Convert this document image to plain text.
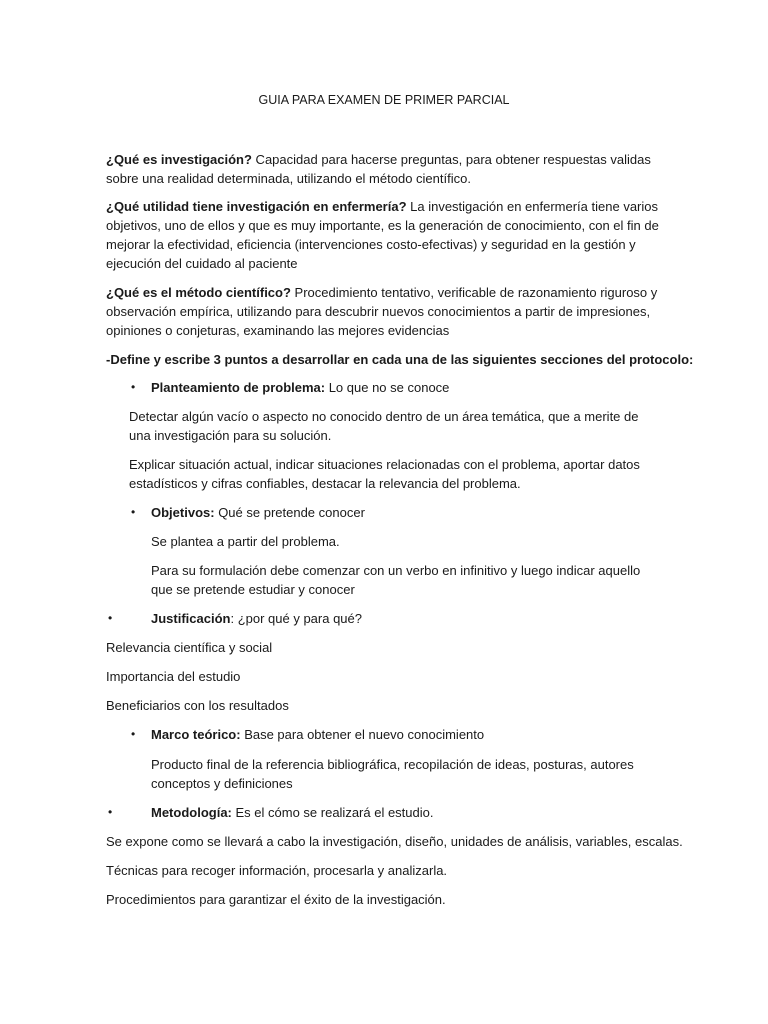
GUIA PARA EXAMEN DE PRIMER PARCIAL
¿Qué es investigación? Capacidad para hacerse preguntas, para obtener respuestas validas sobre una realidad determinada, utilizando el método científico.
¿Qué utilidad tiene investigación en enfermería? La investigación en enfermería tiene varios objetivos, uno de ellos y que es muy importante, es la generación de conocimiento, con el fin de mejorar la efectividad, eficiencia (intervenciones costo-efectivas) y seguridad en la gestión y ejecución del cuidado al paciente
¿Qué es el método científico? Procedimiento tentativo, verificable de razonamiento riguroso y observación empírica, utilizando para descubrir nuevos conocimientos a partir de impresiones, opiniones o conjeturas, examinando las mejores evidencias
-Define y escribe 3 puntos a desarrollar en cada una de las siguientes secciones del protocolo:
• Planteamiento de problema: Lo que no se conoce
Detectar algún vacío o aspecto no conocido dentro de un área temática, que a merite de una investigación para su solución.
Explicar situación actual, indicar situaciones relacionadas con el problema, aportar datos estadísticos y cifras confiables, destacar la relevancia del problema.
• Objetivos: Qué se pretende conocer
Se plantea a partir del problema.
Para su formulación debe comenzar con un verbo en infinitivo y luego indicar aquello que se pretende estudiar y conocer
•	Justificación: ¿por qué y para qué?
Relevancia científica y social
Importancia del estudio
Beneficiarios con los resultados
• Marco teórico: Base para obtener el nuevo conocimiento
Producto final de la referencia bibliográfica, recopilación de ideas, posturas, autores conceptos y definiciones
•	Metodología: Es el cómo se realizará el estudio.
Se expone como se llevará a cabo la investigación, diseño, unidades de análisis, variables, escalas.
Técnicas para recoger información, procesarla y analizarla.
Procedimientos para garantizar el éxito de la investigación.
